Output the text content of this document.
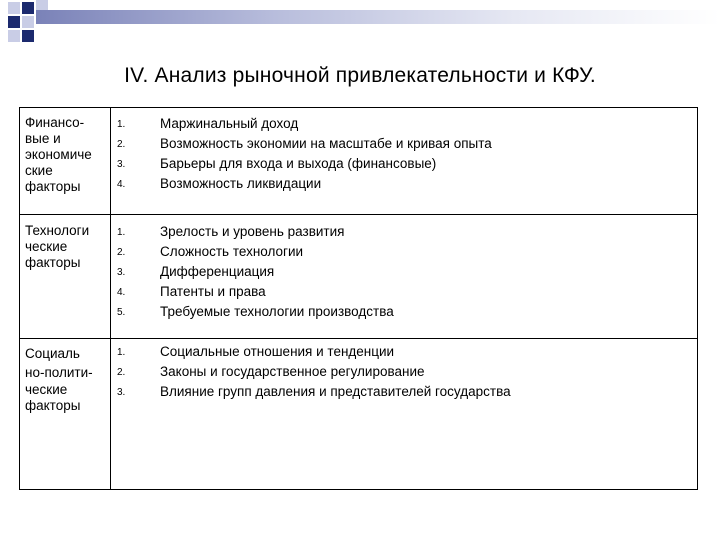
IV. Анализ рыночной привлекательности и КФУ.
Финансо-
вые и
экономиче
ские
факторы
1.	Маржинальный доход
2.	Возможность экономии на масштабе и кривая опыта
3.	Барьеры для входа и выхода (финансовые)
4.	Возможность ликвидации
Технологи
ческие
факторы
1.	Зрелость и уровень развития
2.	Сложность технологии
3.	Дифференциация
4.	Патенты и права
5.	Требуемые технологии производства
Социаль
но-полити-
ческие
факторы
1.	Социальные отношения и тенденции
2.	Законы и государственное регулирование
3.	Влияние групп давления и представителей государства
